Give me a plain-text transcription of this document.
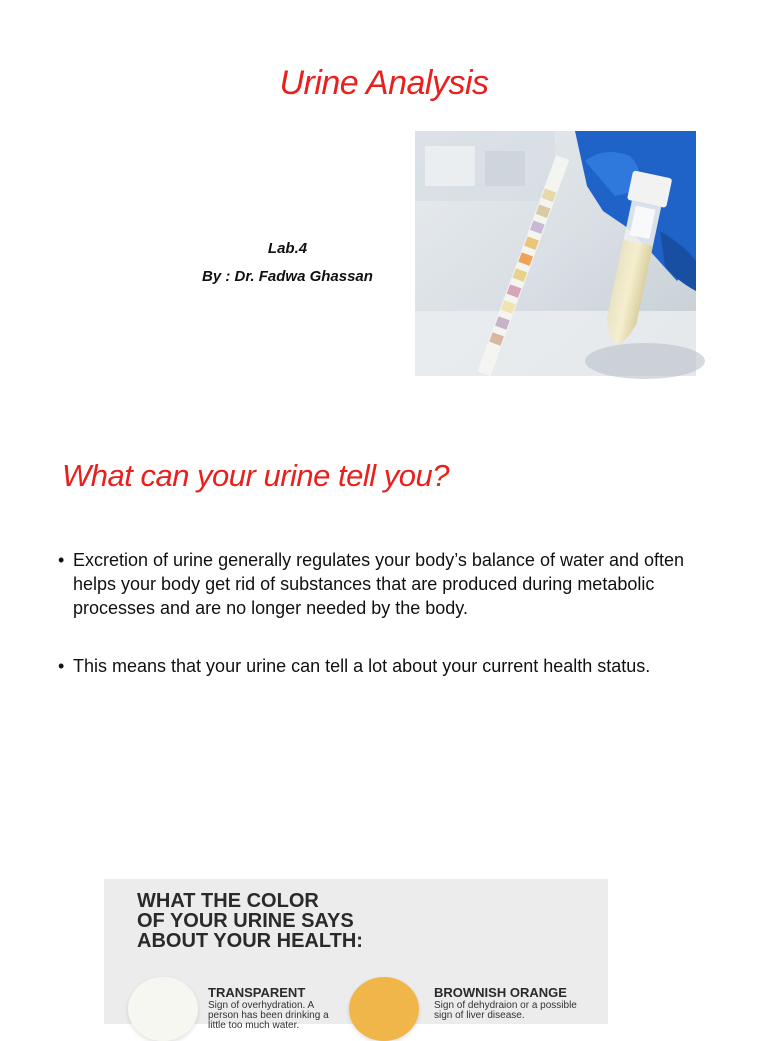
Urine Analysis
Lab.4
By : Dr. Fadwa Ghassan
What can your urine tell you?
• Excretion of urine generally regulates your body’s balance of water and often helps your body get rid of substances that are produced during metabolic processes and are no longer needed by the body.
• This means that your urine can tell a lot about your current health status.
WHAT THE COLOR
OF YOUR URINE SAYS
ABOUT YOUR HEALTH:
TRANSPARENT
Sign of overhydration. A
person has been drinking a
little too much water.
BROWNISH ORANGE
Sign of dehydraion or a possible
sign of liver disease.
